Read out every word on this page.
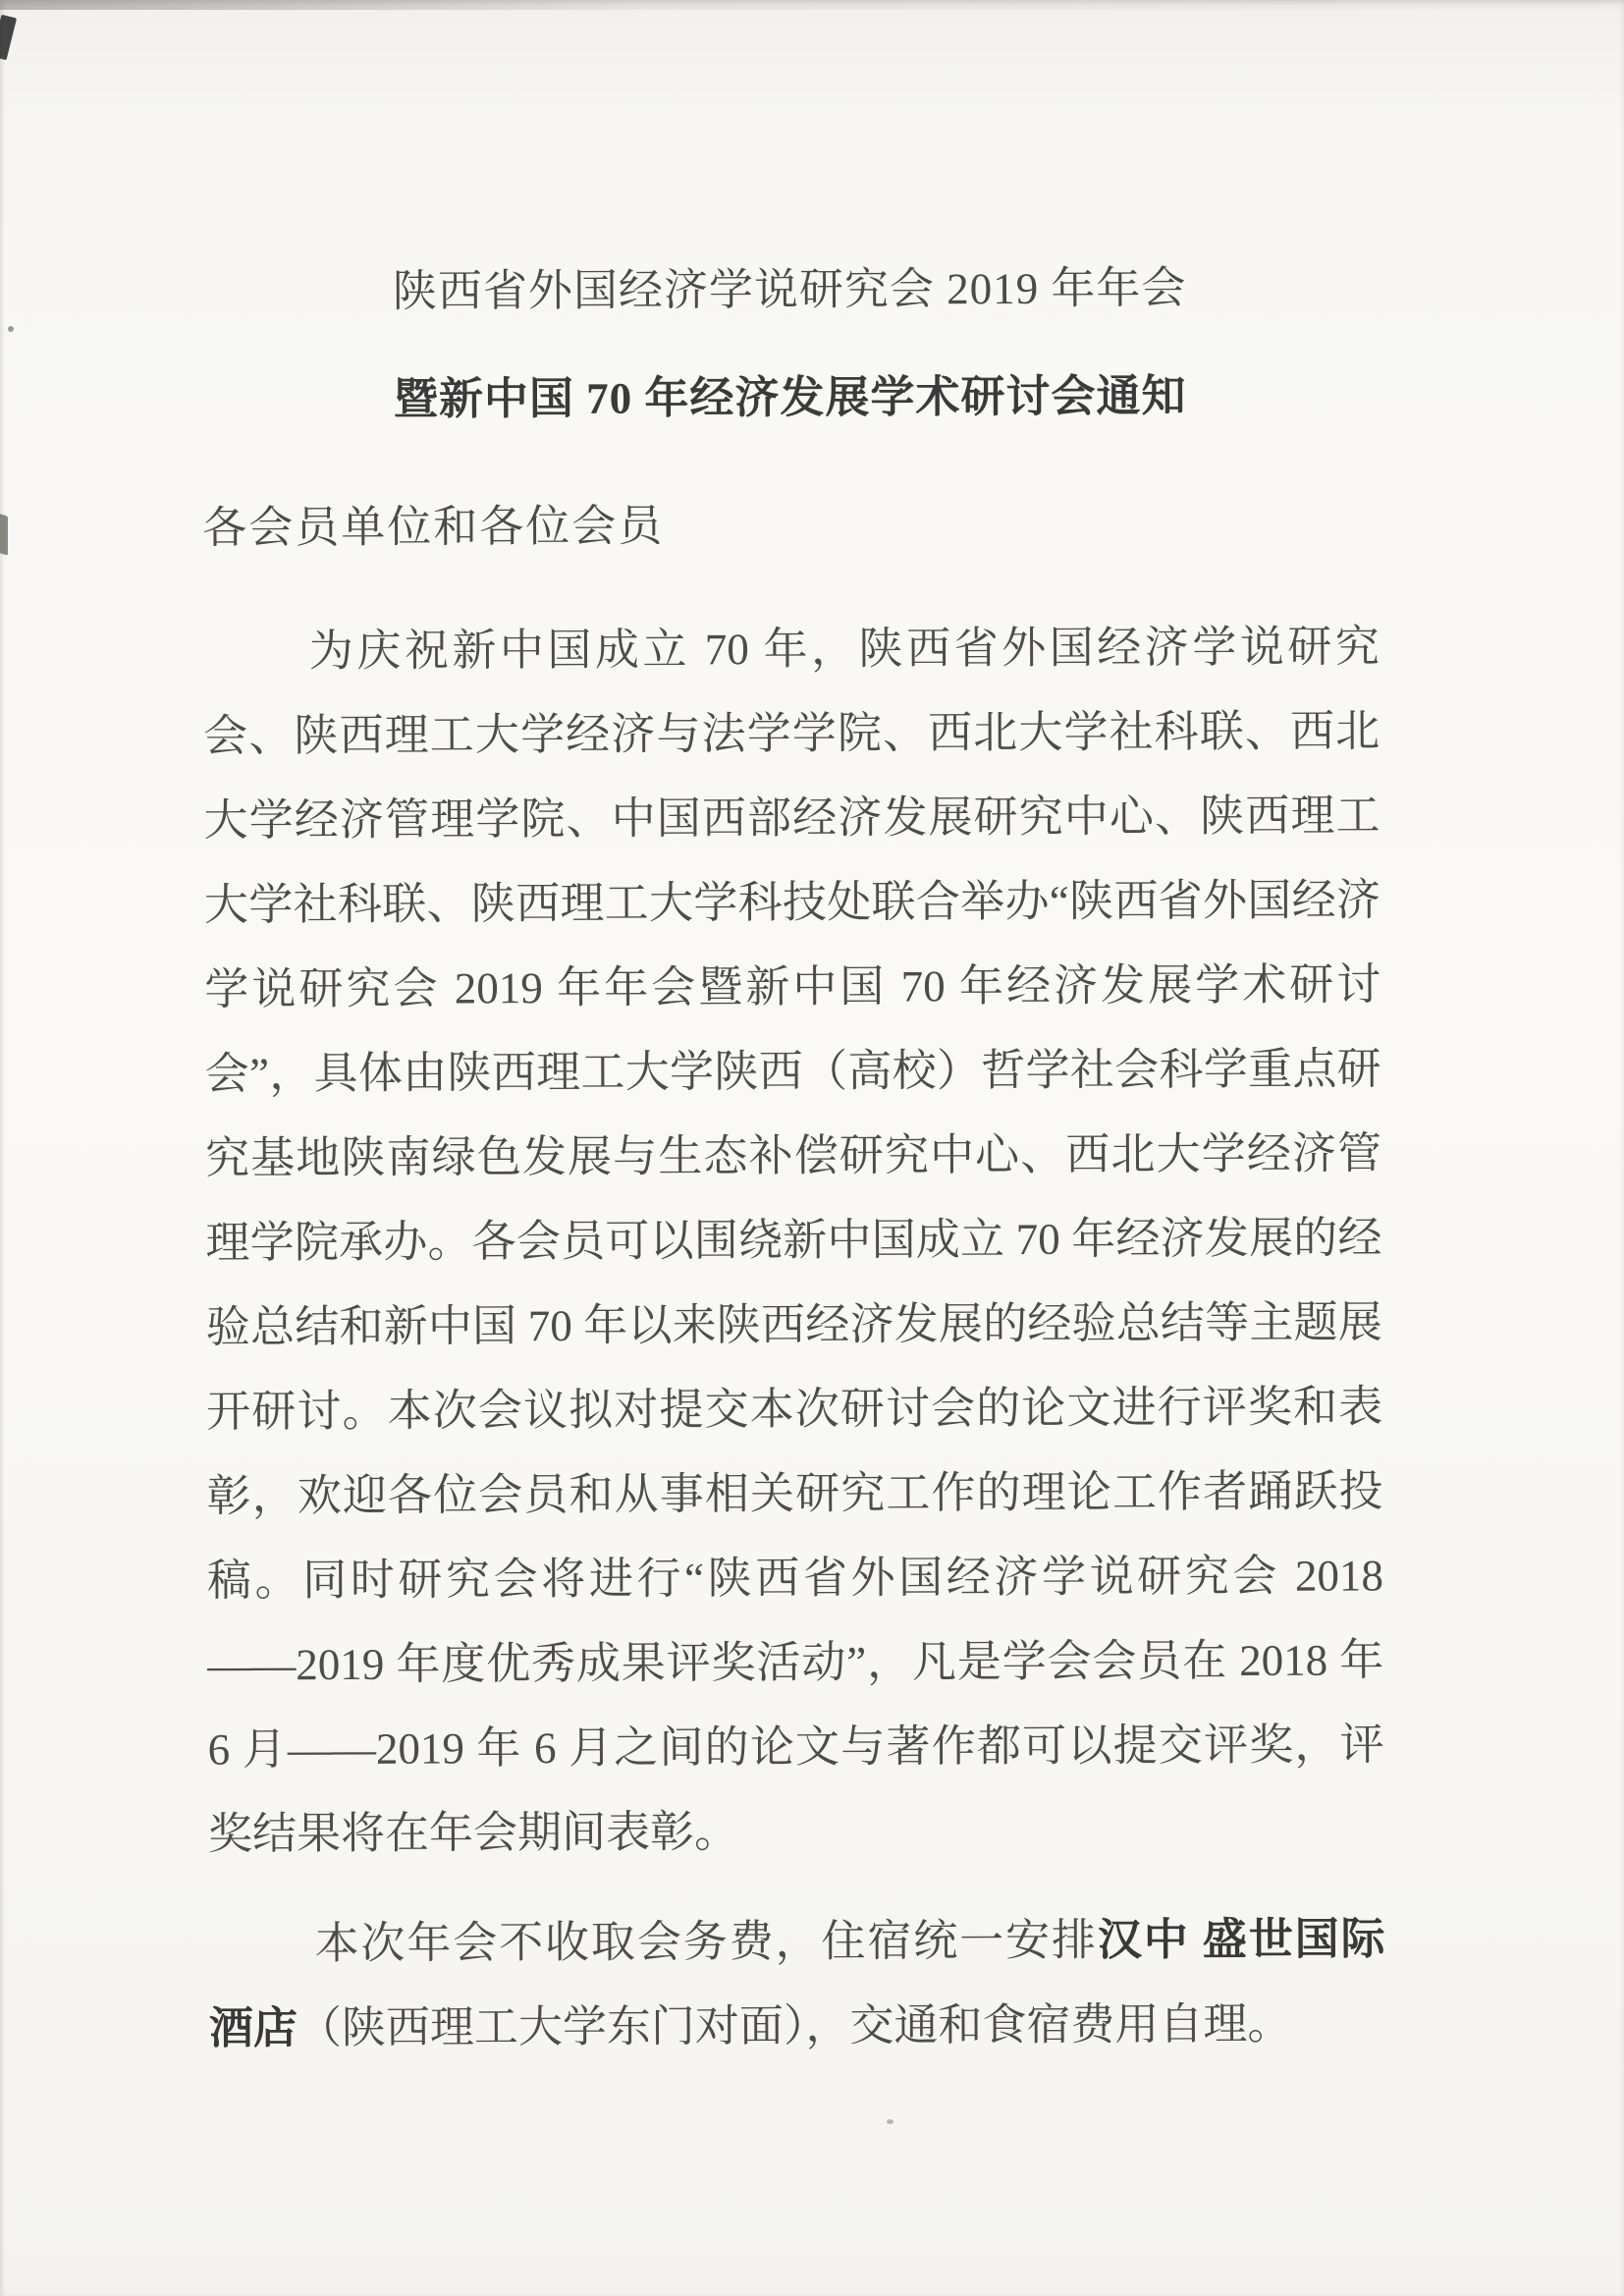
陕西省外国经济学说研究会 2019 年年会
暨新中国 70 年经济发展学术研讨会通知
各会员单位和各位会员
为庆祝新中国成立 70 年，陕西省外国经济学说研究会、陕西理工大学经济与法学学院、西北大学社科联、西北大学经济管理学院、中国西部经济发展研究中心、陕西理工大学社科联、陕西理工大学科技处联合举办“陕西省外国经济学说研究会 2019 年年会暨新中国 70 年经济发展学术研讨会”，具体由陕西理工大学陕西（高校）哲学社会科学重点研究基地陕南绿色发展与生态补偿研究中心、西北大学经济管理学院承办。各会员可以围绕新中国成立 70 年经济发展的经验总结和新中国 70 年以来陕西经济发展的经验总结等主题展开研讨。本次会议拟对提交本次研讨会的论文进行评奖和表彰，欢迎各位会员和从事相关研究工作的理论工作者踊跃投稿。同时研究会将进行“陕西省外国经济学说研究会 2018——2019 年度优秀成果评奖活动”，凡是学会会员在 2018 年 6 月——2019 年 6 月之间的论文与著作都可以提交评奖，评奖结果将在年会期间表彰。
本次年会不收取会务费，住宿统一安排汉中 盛世国际酒店（陕西理工大学东门对面），交通和食宿费用自理。
